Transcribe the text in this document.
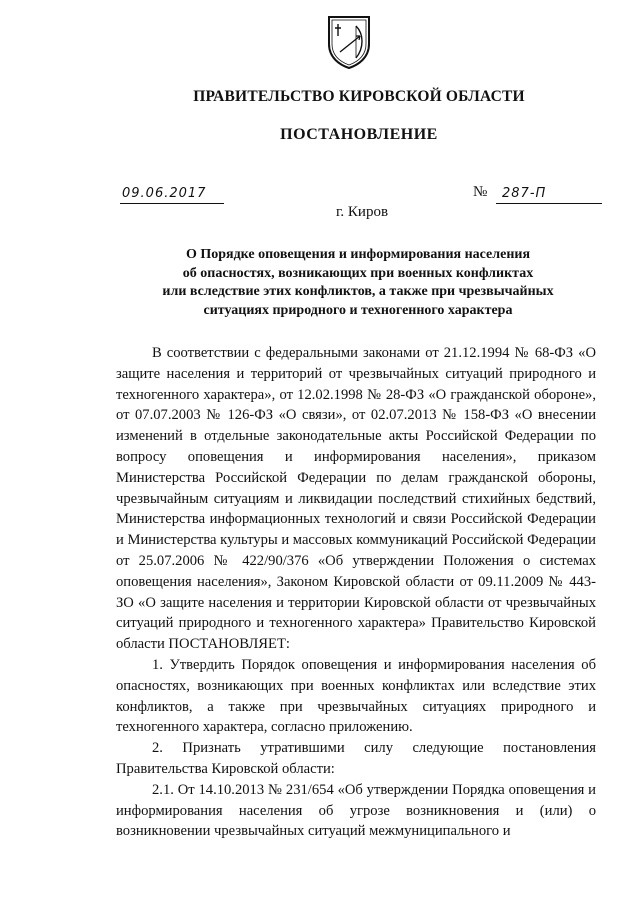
ПРАВИТЕЛЬСТВО КИРОВСКОЙ ОБЛАСТИ
ПОСТАНОВЛЕНИЕ
09.06.2017	№	287-П
г. Киров
О Порядке оповещения и информирования населения
об опасностях, возникающих при военных конфликтах
или вследствие этих конфликтов, а также при чрезвычайных
ситуациях природного и техногенного характера

В соответствии с федеральными законами от 21.12.1994 № 68-ФЗ «О защите населения и территорий от чрезвычайных ситуаций природного и техногенного характера», от 12.02.1998 № 28-ФЗ «О гражданской обороне», от 07.07.2003 № 126-ФЗ «О связи», от 02.07.2013 № 158-ФЗ «О внесении изменений в отдельные законодательные акты Российской Федерации по вопросу оповещения и информирования населения», приказом Министерства Российской Федерации по делам гражданской обороны, чрезвычайным ситуациям и ликвидации последствий стихийных бедствий, Министерства информационных технологий и связи Российской Федерации и Министерства культуры и массовых коммуникаций Российской Федерации от 25.07.2006 № 422/90/376 «Об утверждении Положения о системах оповещения населения», Законом Кировской области от 09.11.2009 № 443-ЗО «О защите населения и территории Кировской области от чрезвычайных ситуаций природного и техногенного характера» Правительство Кировской области ПОСТАНОВЛЯЕТ:

1. Утвердить Порядок оповещения и информирования населения об опасностях, возникающих при военных конфликтах или вследствие этих конфликтов, а также при чрезвычайных ситуациях природного и техногенного характера, согласно приложению.

2. Признать утратившими силу следующие постановления Правительства Кировской области:

2.1. От 14.10.2013 № 231/654 «Об утверждении Порядка оповещения и информирования населения об угрозе возникновения и (или) о возникновении чрезвычайных ситуаций межмуниципального и
